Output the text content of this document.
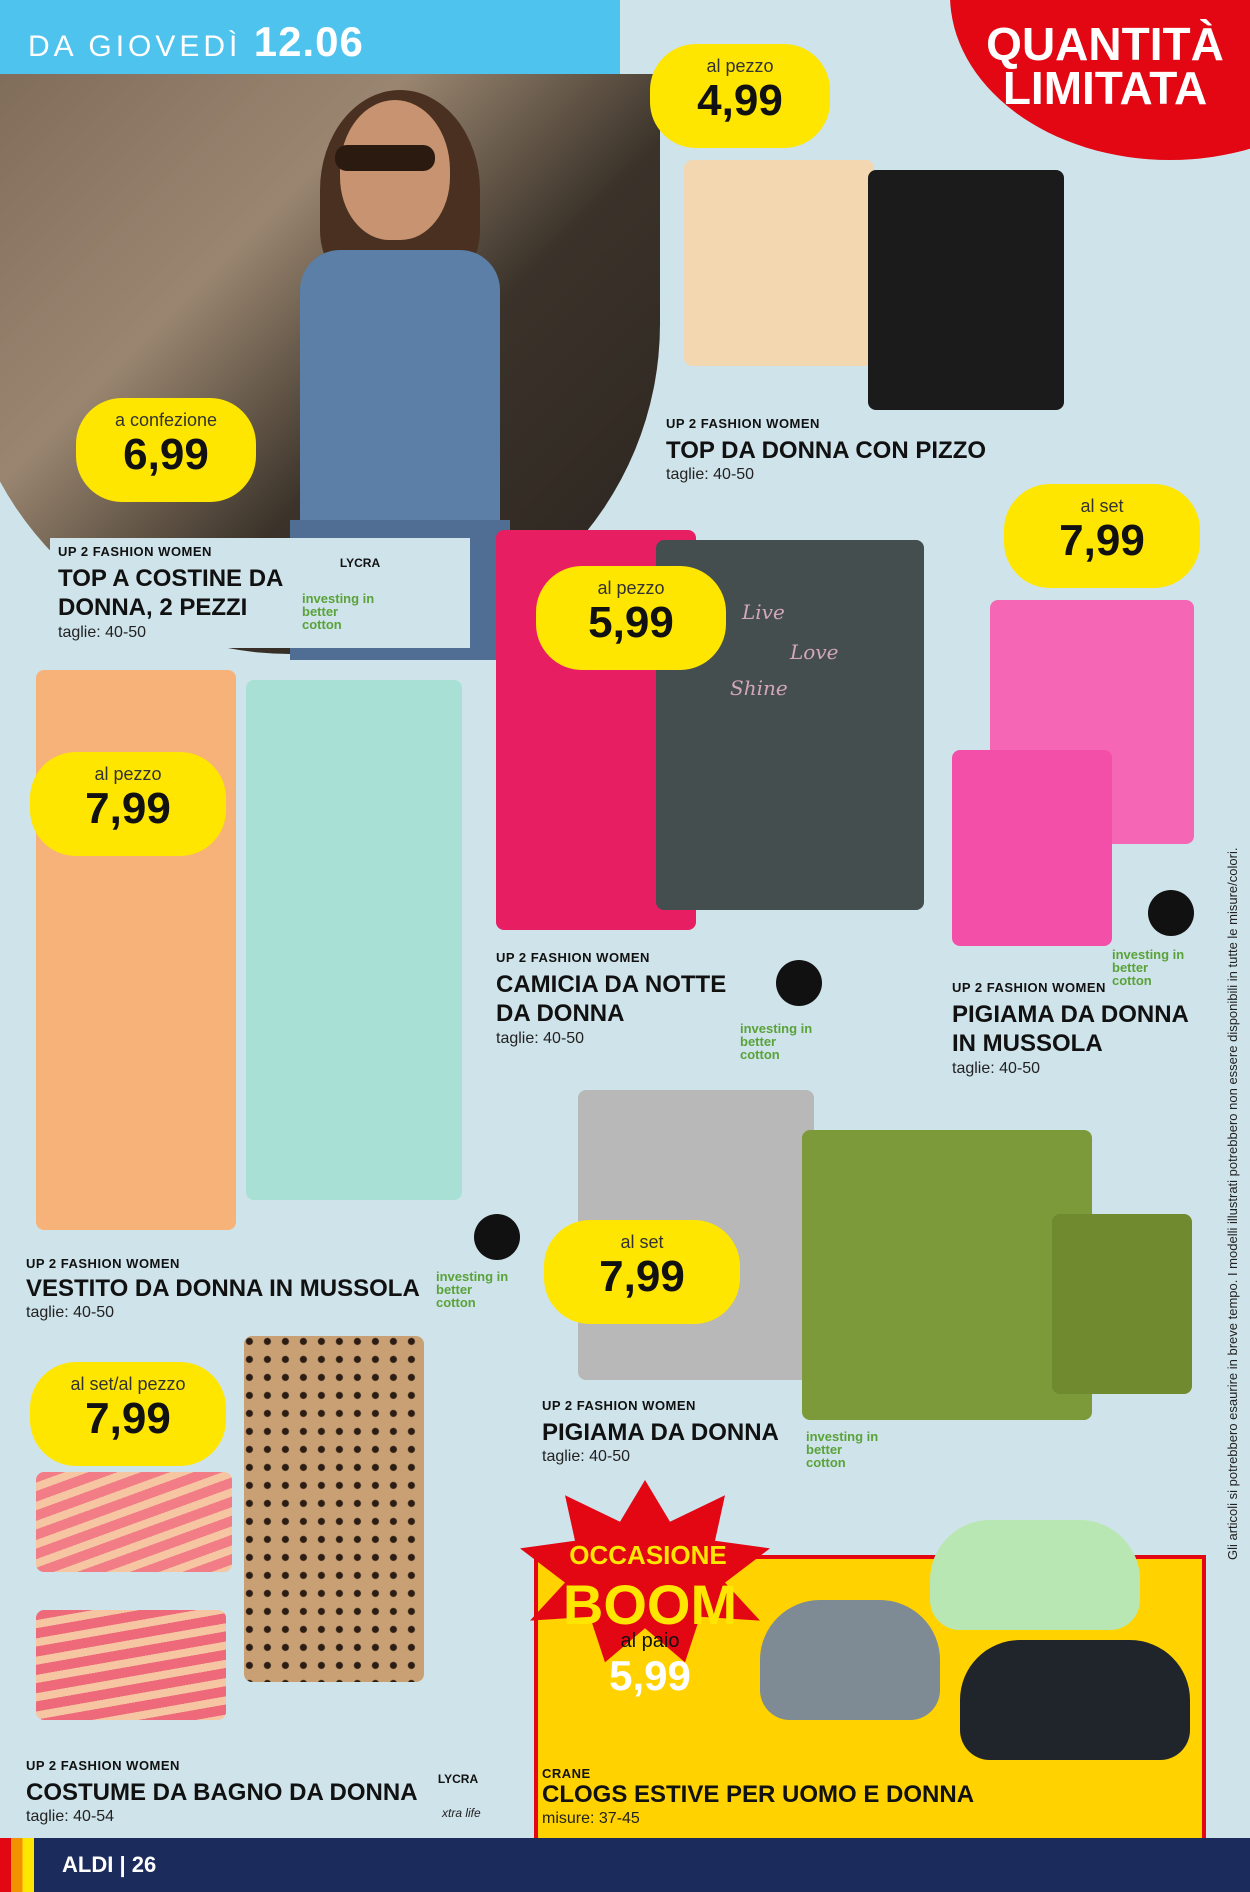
DA GIOVEDÌ 12.06	QUANTITÀ
LIMITATA
a confezione
6,99
UP 2 FASHION WOMEN
TOP A COSTINE DA
DONNA, 2 PEZZI
taglie: 40-50
LYCRA
investing in
better
cotton
al pezzo
4,99
UP 2 FASHION WOMEN
TOP DA DONNA CON PIZZO
taglie: 40-50
Live
Love
Shine
al pezzo
5,99
UP 2 FASHION WOMEN
CAMICIA DA NOTTE
DA DONNA
taglie: 40-50
investing in
better
cotton
al set
7,99
investing in
better
cotton
UP 2 FASHION WOMEN
PIGIAMA DA DONNA
IN MUSSOLA
taglie: 40-50
al pezzo
7,99
UP 2 FASHION WOMEN
VESTITO DA DONNA IN MUSSOLA
taglie: 40-50
investing in
better
cotton
al set
7,99
UP 2 FASHION WOMEN
PIGIAMA DA DONNA
taglie: 40-50
investing in
better
cotton
al set/al pezzo
7,99
UP 2 FASHION WOMEN
COSTUME DA BAGNO DA DONNA
taglie: 40-54
LYCRA
xtra life
OCCASIONE
BOOM
al paio
5,99
CRANE
CLOGS ESTIVE PER UOMO E DONNA
misure: 37-45
Gli articoli si potrebbero esaurire in breve tempo. I modelli illustrati potrebbero non essere disponibili in tutte le misure/colori.
ALDI | 26
